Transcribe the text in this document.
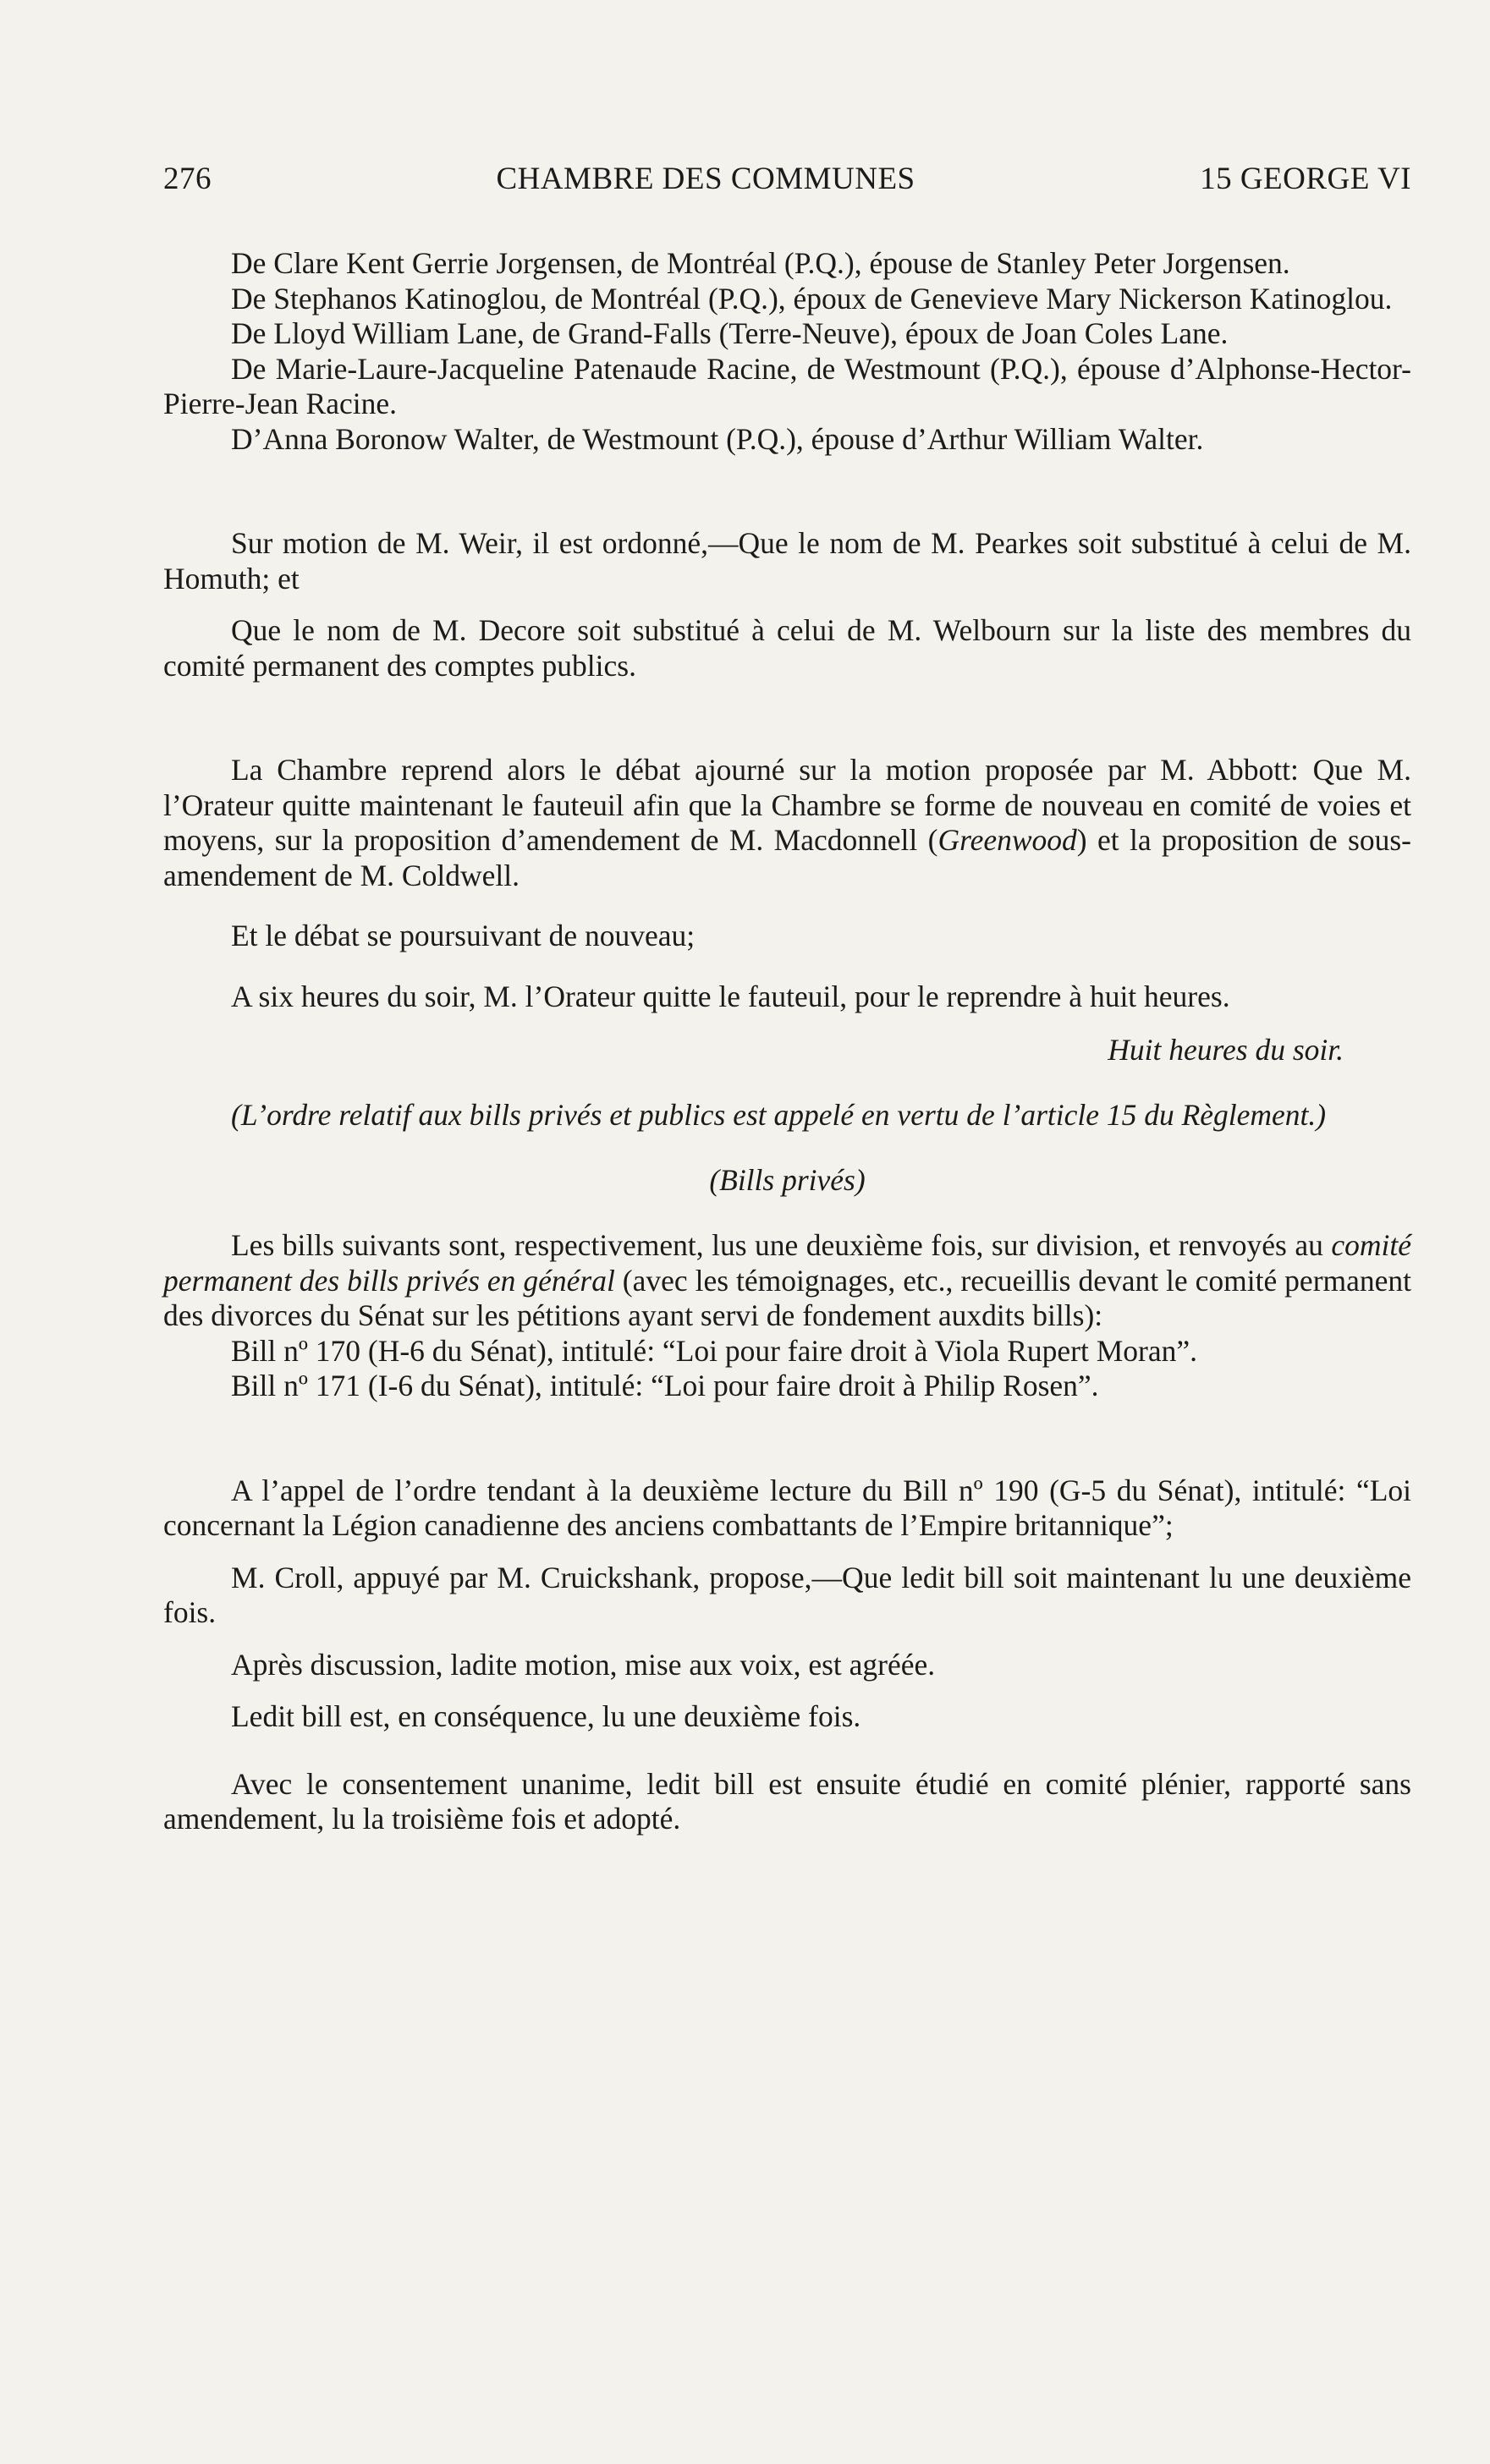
276	CHAMBRE DES COMMUNES	15 GEORGE VI

De Clare Kent Gerrie Jorgensen, de Montréal (P.Q.), épouse de Stanley Peter Jorgensen.

De Stephanos Katinoglou, de Montréal (P.Q.), époux de Genevieve Mary Nickerson Katinoglou.

De Lloyd William Lane, de Grand-Falls (Terre-Neuve), époux de Joan Coles Lane.

De Marie-Laure-Jacqueline Patenaude Racine, de Westmount (P.Q.), épouse d’Alphonse-Hector-Pierre-Jean Racine.

D’Anna Boronow Walter, de Westmount (P.Q.), épouse d’Arthur William Walter.

Sur motion de M. Weir, il est ordonné,—Que le nom de M. Pearkes soit substitué à celui de M. Homuth; et

Que le nom de M. Decore soit substitué à celui de M. Welbourn sur la liste des membres du comité permanent des comptes publics.

La Chambre reprend alors le débat ajourné sur la motion proposée par M. Abbott: Que M. l’Orateur quitte maintenant le fauteuil afin que la Chambre se forme de nouveau en comité de voies et moyens, sur la proposition d’amendement de M. Macdonnell (Greenwood) et la proposition de sous-amendement de M. Coldwell.

Et le débat se poursuivant de nouveau;

A six heures du soir, M. l’Orateur quitte le fauteuil, pour le reprendre à huit heures.

Huit heures du soir.

(L’ordre relatif aux bills privés et publics est appelé en vertu de l’article 15 du Règlement.)

(Bills privés)

Les bills suivants sont, respectivement, lus une deuxième fois, sur division, et renvoyés au comité permanent des bills privés en général (avec les témoignages, etc., recueillis devant le comité permanent des divorces du Sénat sur les pétitions ayant servi de fondement auxdits bills):

Bill nº 170 (H-6 du Sénat), intitulé: “Loi pour faire droit à Viola Rupert Moran”.

Bill nº 171 (I-6 du Sénat), intitulé: “Loi pour faire droit à Philip Rosen”.

A l’appel de l’ordre tendant à la deuxième lecture du Bill nº 190 (G-5 du Sénat), intitulé: “Loi concernant la Légion canadienne des anciens combattants de l’Empire britannique”;

M. Croll, appuyé par M. Cruickshank, propose,—Que ledit bill soit maintenant lu une deuxième fois.

Après discussion, ladite motion, mise aux voix, est agréée.

Ledit bill est, en conséquence, lu une deuxième fois.

Avec le consentement unanime, ledit bill est ensuite étudié en comité plénier, rapporté sans amendement, lu la troisième fois et adopté.
